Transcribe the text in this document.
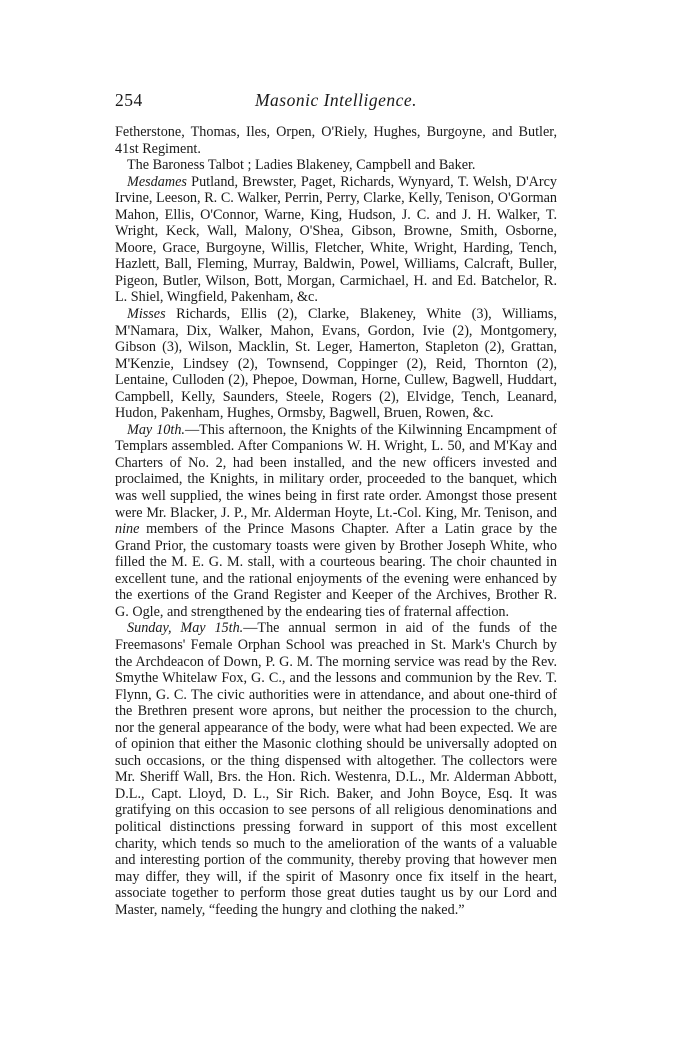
254	Masonic Intelligence.

Fetherstone, Thomas, Iles, Orpen, O'Riely, Hughes, Burgoyne, and Butler, 41st Regiment.

The Baroness Talbot ; Ladies Blakeney, Campbell and Baker.

Mesdames Putland, Brewster, Paget, Richards, Wynyard, T. Welsh, D'Arcy Irvine, Leeson, R. C. Walker, Perrin, Perry, Clarke, Kelly, Tenison, O'Gorman Mahon, Ellis, O'Connor, Warne, King, Hudson, J. C. and J. H. Walker, T. Wright, Keck, Wall, Malony, O'Shea, Gibson, Browne, Smith, Osborne, Moore, Grace, Burgoyne, Willis, Fletcher, White, Wright, Harding, Tench, Hazlett, Ball, Fleming, Murray, Baldwin, Powel, Williams, Calcraft, Buller, Pigeon, Butler, Wilson, Bott, Morgan, Carmichael, H. and Ed. Batchelor, R. L. Shiel, Wingfield, Pakenham, &c.

Misses Richards, Ellis (2), Clarke, Blakeney, White (3), Williams, M'Namara, Dix, Walker, Mahon, Evans, Gordon, Ivie (2), Montgomery, Gibson (3), Wilson, Macklin, St. Leger, Hamerton, Stapleton (2), Grattan, M'Kenzie, Lindsey (2), Townsend, Coppinger (2), Reid, Thornton (2), Lentaine, Culloden (2), Phepoe, Dowman, Horne, Cullew, Bagwell, Huddart, Campbell, Kelly, Saunders, Steele, Rogers (2), Elvidge, Tench, Leanard, Hudon, Pakenham, Hughes, Ormsby, Bagwell, Bruen, Rowen, &c.

May 10th.—This afternoon, the Knights of the Kilwinning Encampment of Templars assembled. After Companions W. H. Wright, L. 50, and M'Kay and Charters of No. 2, had been installed, and the new officers invested and proclaimed, the Knights, in military order, proceeded to the banquet, which was well supplied, the wines being in first rate order. Amongst those present were Mr. Blacker, J. P., Mr. Alderman Hoyte, Lt.-Col. King, Mr. Tenison, and nine members of the Prince Masons Chapter. After a Latin grace by the Grand Prior, the customary toasts were given by Brother Joseph White, who filled the M. E. G. M. stall, with a courteous bearing. The choir chaunted in excellent tune, and the rational enjoyments of the evening were enhanced by the exertions of the Grand Register and Keeper of the Archives, Brother R. G. Ogle, and strengthened by the endearing ties of fraternal affection.

Sunday, May 15th.—The annual sermon in aid of the funds of the Freemasons' Female Orphan School was preached in St. Mark's Church by the Archdeacon of Down, P. G. M. The morning service was read by the Rev. Smythe Whitelaw Fox, G. C., and the lessons and communion by the Rev. T. Flynn, G. C. The civic authorities were in attendance, and about one-third of the Brethren present wore aprons, but neither the procession to the church, nor the general appearance of the body, were what had been expected. We are of opinion that either the Masonic clothing should be universally adopted on such occasions, or the thing dispensed with altogether. The collectors were Mr. Sheriff Wall, Brs. the Hon. Rich. Westenra, D.L., Mr. Alderman Abbott, D.L., Capt. Lloyd, D. L., Sir Rich. Baker, and John Boyce, Esq. It was gratifying on this occasion to see persons of all religious denominations and political distinctions pressing forward in support of this most excellent charity, which tends so much to the amelioration of the wants of a valuable and interesting portion of the community, thereby proving that however men may differ, they will, if the spirit of Masonry once fix itself in the heart, associate together to perform those great duties taught us by our Lord and Master, namely, “feeding the hungry and clothing the naked.”
